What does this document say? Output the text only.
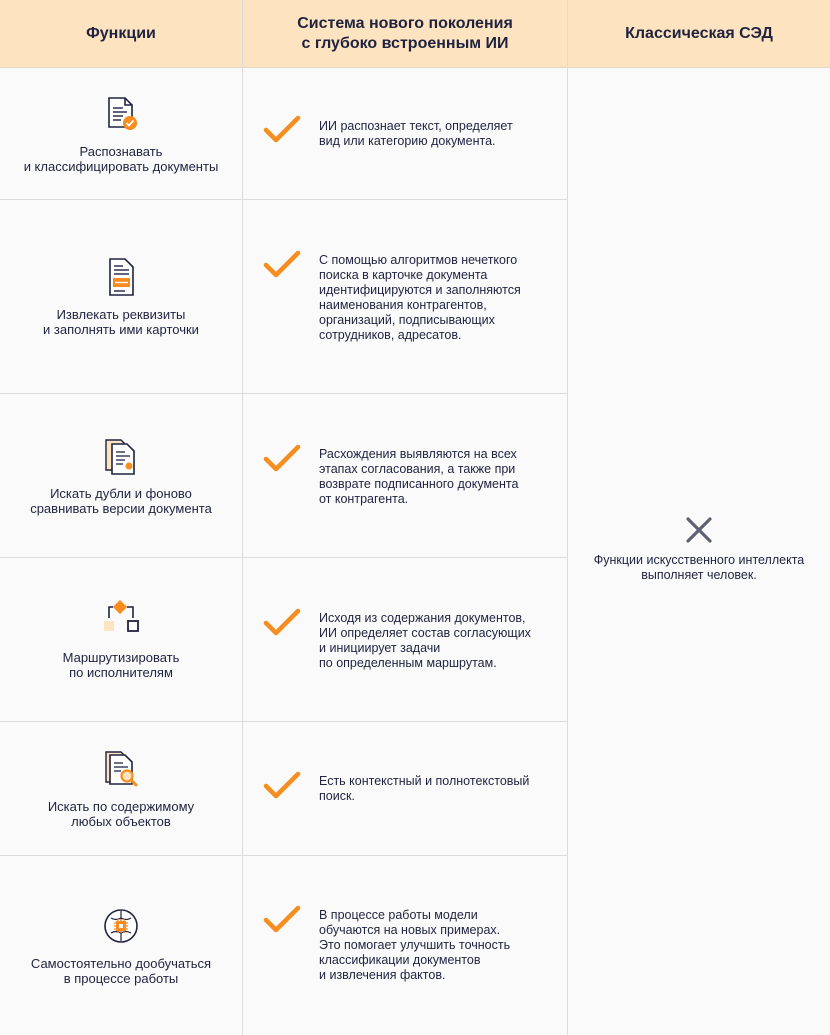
Функции
Система нового поколения
с глубоко встроенным ИИ
Классическая СЭД
Распознавать
и классифицировать документы
ИИ распознает текст, определяет
вид или категорию документа.
Извлекать реквизиты
и заполнять ими карточки
С помощью алгоритмов нечеткого
поиска в карточке документа
идентифицируются и заполняются
наименования контрагентов,
организаций, подписывающих
сотрудников, адресатов.
Искать дубли и фоново
сравнивать версии документа
Расхождения выявляются на всех
этапах согласования, а также при
возврате подписанного документа
от контрагента.
Маршрутизировать
по исполнителям
Исходя из содержания документов,
ИИ определяет состав согласующих
и инициирует задачи
по определенным маршрутам.
Искать по содержимому
любых объектов
Есть контекстный и полнотекстовый
поиск.
Самостоятельно дообучаться
в процессе работы
В процессе работы модели
обучаются на новых примерах.
Это помогает улучшить точность
классификации документов
и извлечения фактов.
Функции искусственного интеллекта
выполняет человек.
